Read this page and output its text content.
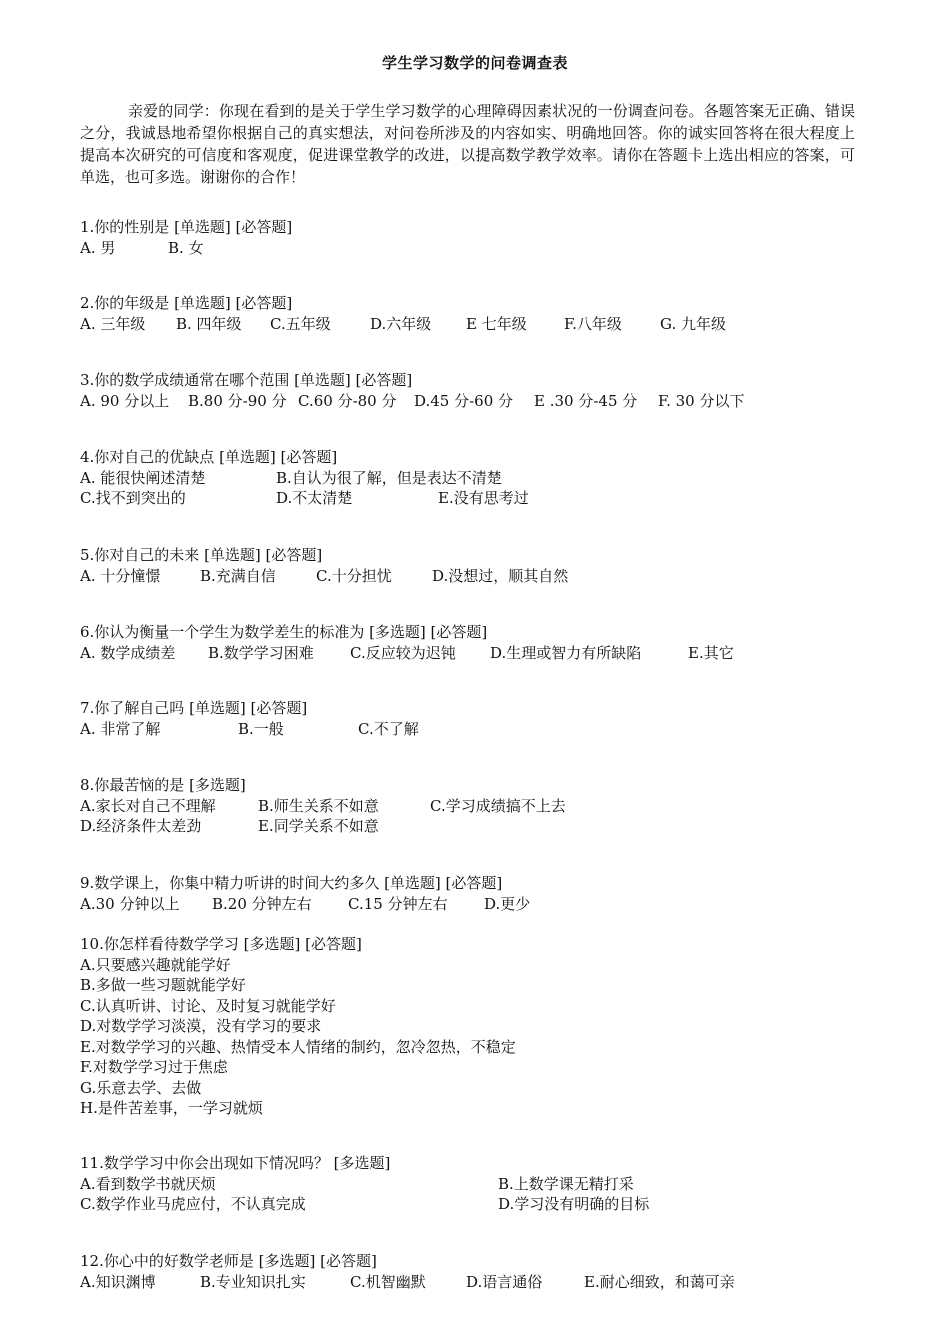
学生学习数学的问卷调查表
亲爱的同学：你现在看到的是关于学生学习数学的心理障碍因素状况的一份调查问卷。各题答案无正确、错误之分，我诚恳地希望你根据自己的真实想法，对问卷所涉及的内容如实、明确地回答。你的诚实回答将在很大程度上提高本次研究的可信度和客观度，促进课堂教学的改进，以提高数学教学效率。请你在答题卡上选出相应的答案，可单选，也可多选。谢谢你的合作！
1.你的性别是 [单选题] [必答题]
A. 男	B. 女
2.你的年级是 [单选题] [必答题]
A. 三年级 B. 四年级 C.五年级	D.六年级 E 七年级 F.八年级	G. 九年级
3.你的数学成绩通常在哪个范围 [单选题] [必答题]
A. 90 分以上 B.80 分-90 分 C.60 分-80 分 D.45 分-60 分 E .30 分-45 分 F. 30 分以下
4.你对自己的优缺点 [单选题] [必答题]
A. 能很快阐述清楚	B.自认为很了解，但是表达不清楚
C.找不到突出的	D.不太清楚	E.没有思考过
5.你对自己的未来 [单选题] [必答题]
A. 十分憧憬	B.充满自信	C.十分担忧	D.没想过，顺其自然
6.你认为衡量一个学生为数学差生的标准为 [多选题] [必答题]
A. 数学成绩差 B.数学学习困难 C.反应较为迟钝 D.生理或智力有所缺陷	E.其它
7.你了解自己吗 [单选题] [必答题]
A. 非常了解	B.一般	C.不了解
8.你最苦恼的是 [多选题]
A.家长对自己不理解	B.师生关系不如意	C.学习成绩搞不上去
D.经济条件太差劲	E.同学关系不如意
9.数学课上，你集中精力听讲的时间大约多久 [单选题] [必答题]
A.30 分钟以上 B.20 分钟左右 C.15 分钟左右 D.更少
10.你怎样看待数学学习 [多选题] [必答题]
A.只要感兴趣就能学好
B.多做一些习题就能学好
C.认真听讲、讨论、及时复习就能学好
D.对数学学习淡漠，没有学习的要求
E.对数学学习的兴趣、热情受本人情绪的制约，忽冷忽热，不稳定
F.对数学学习过于焦虑
G.乐意去学、去做
H.是件苦差事，一学习就烦
11.数学学习中你会出现如下情况吗？ [多选题]
A.看到数学书就厌烦	B.上数学课无精打采
C.数学作业马虎应付，不认真完成	D.学习没有明确的目标
12.你心中的好数学老师是 [多选题] [必答题]
A.知识渊博	B.专业知识扎实	C.机智幽默	D.语言通俗	E.耐心细致，和蔼可亲
